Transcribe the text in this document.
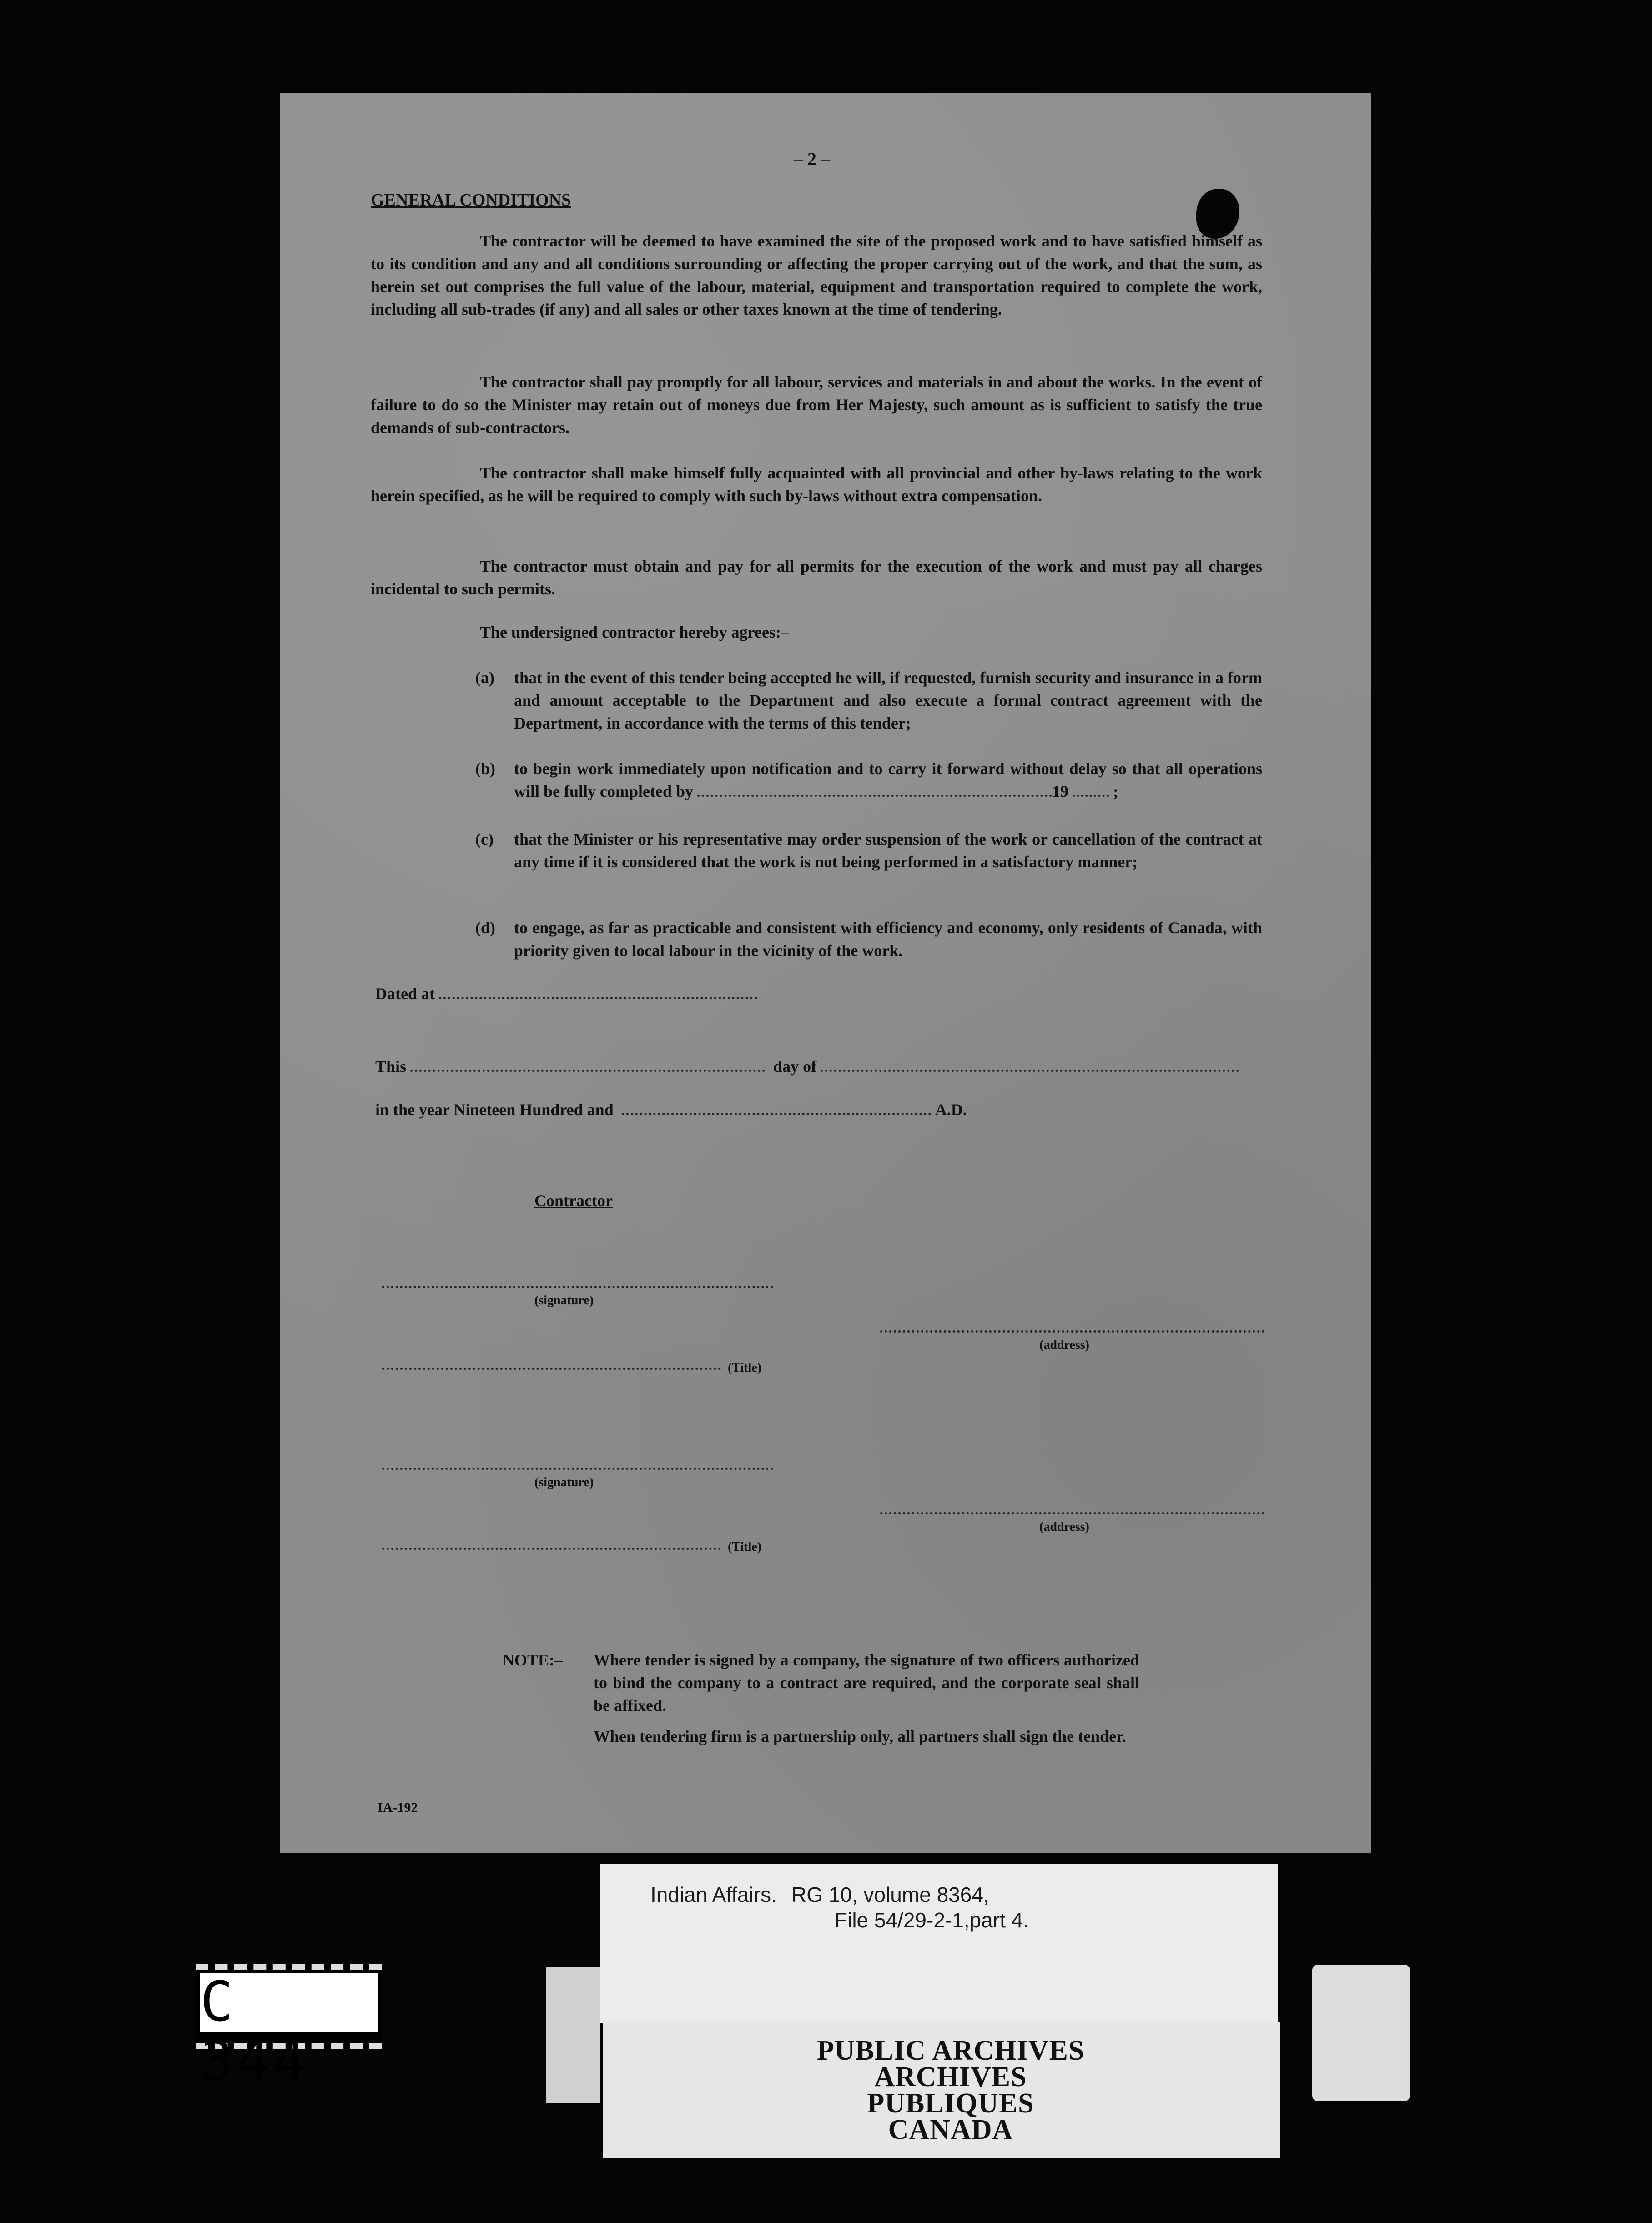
– 2 –
GENERAL CONDITIONS
The contractor will be deemed to have examined the site of the proposed work and to have satisfied himself as to its condition and any and all conditions surrounding or affecting the proper carrying out of the work, and that the sum, as herein set out comprises the full value of the labour, material, equipment and transportation required to complete the work, including all sub-trades (if any) and all sales or other taxes known at the time of tendering.
The contractor shall pay promptly for all labour, services and materials in and about the works. In the event of failure to do so the Minister may retain out of moneys due from Her Majesty, such amount as is sufficient to satisfy the true demands of sub-contractors.
The contractor shall make himself fully acquainted with all provincial and other by-laws relating to the work herein specified, as he will be required to comply with such by-laws without extra compensation.
The contractor must obtain and pay for all permits for the execution of the work and must pay all charges incidental to such permits.
The undersigned contractor hereby agrees:–
(a)	that in the event of this tender being accepted he will, if requested, furnish security and insurance in a form and amount acceptable to the Department and also execute a formal contract agreement with the Department, in accordance with the terms of this tender;
(b)	to begin work immediately upon notification and to carry it forward without delay so that all operations will be fully completed by	19	;
(c)	that the Minister or his representative may order suspension of the work or cancellation of the contract at any time if it is considered that the work is not being performed in a satisfactory manner;
(d)	to engage, as far as practicable and consistent with efficiency and economy, only residents of Canada, with priority given to local labour in the vicinity of the work.
Dated at

This

	day of

in the year Nineteen Hundred and

	A.D.
Contractor
(signature)
(address)
(Title)
(signature)
(address)
(Title)
NOTE:–	Where tender is signed by a company, the signature of two officers authorized to bind the company to a contract are required, and the corporate seal shall be affixed.

When tendering firm is a partnership only, all partners shall sign the tender.

IA-192
Indian Affairs. RG 10, volume 8364,
File 54/29-2-1,part 4.
PUBLIC ARCHIVES
ARCHIVES PUBLIQUES
CANADA
C 344
